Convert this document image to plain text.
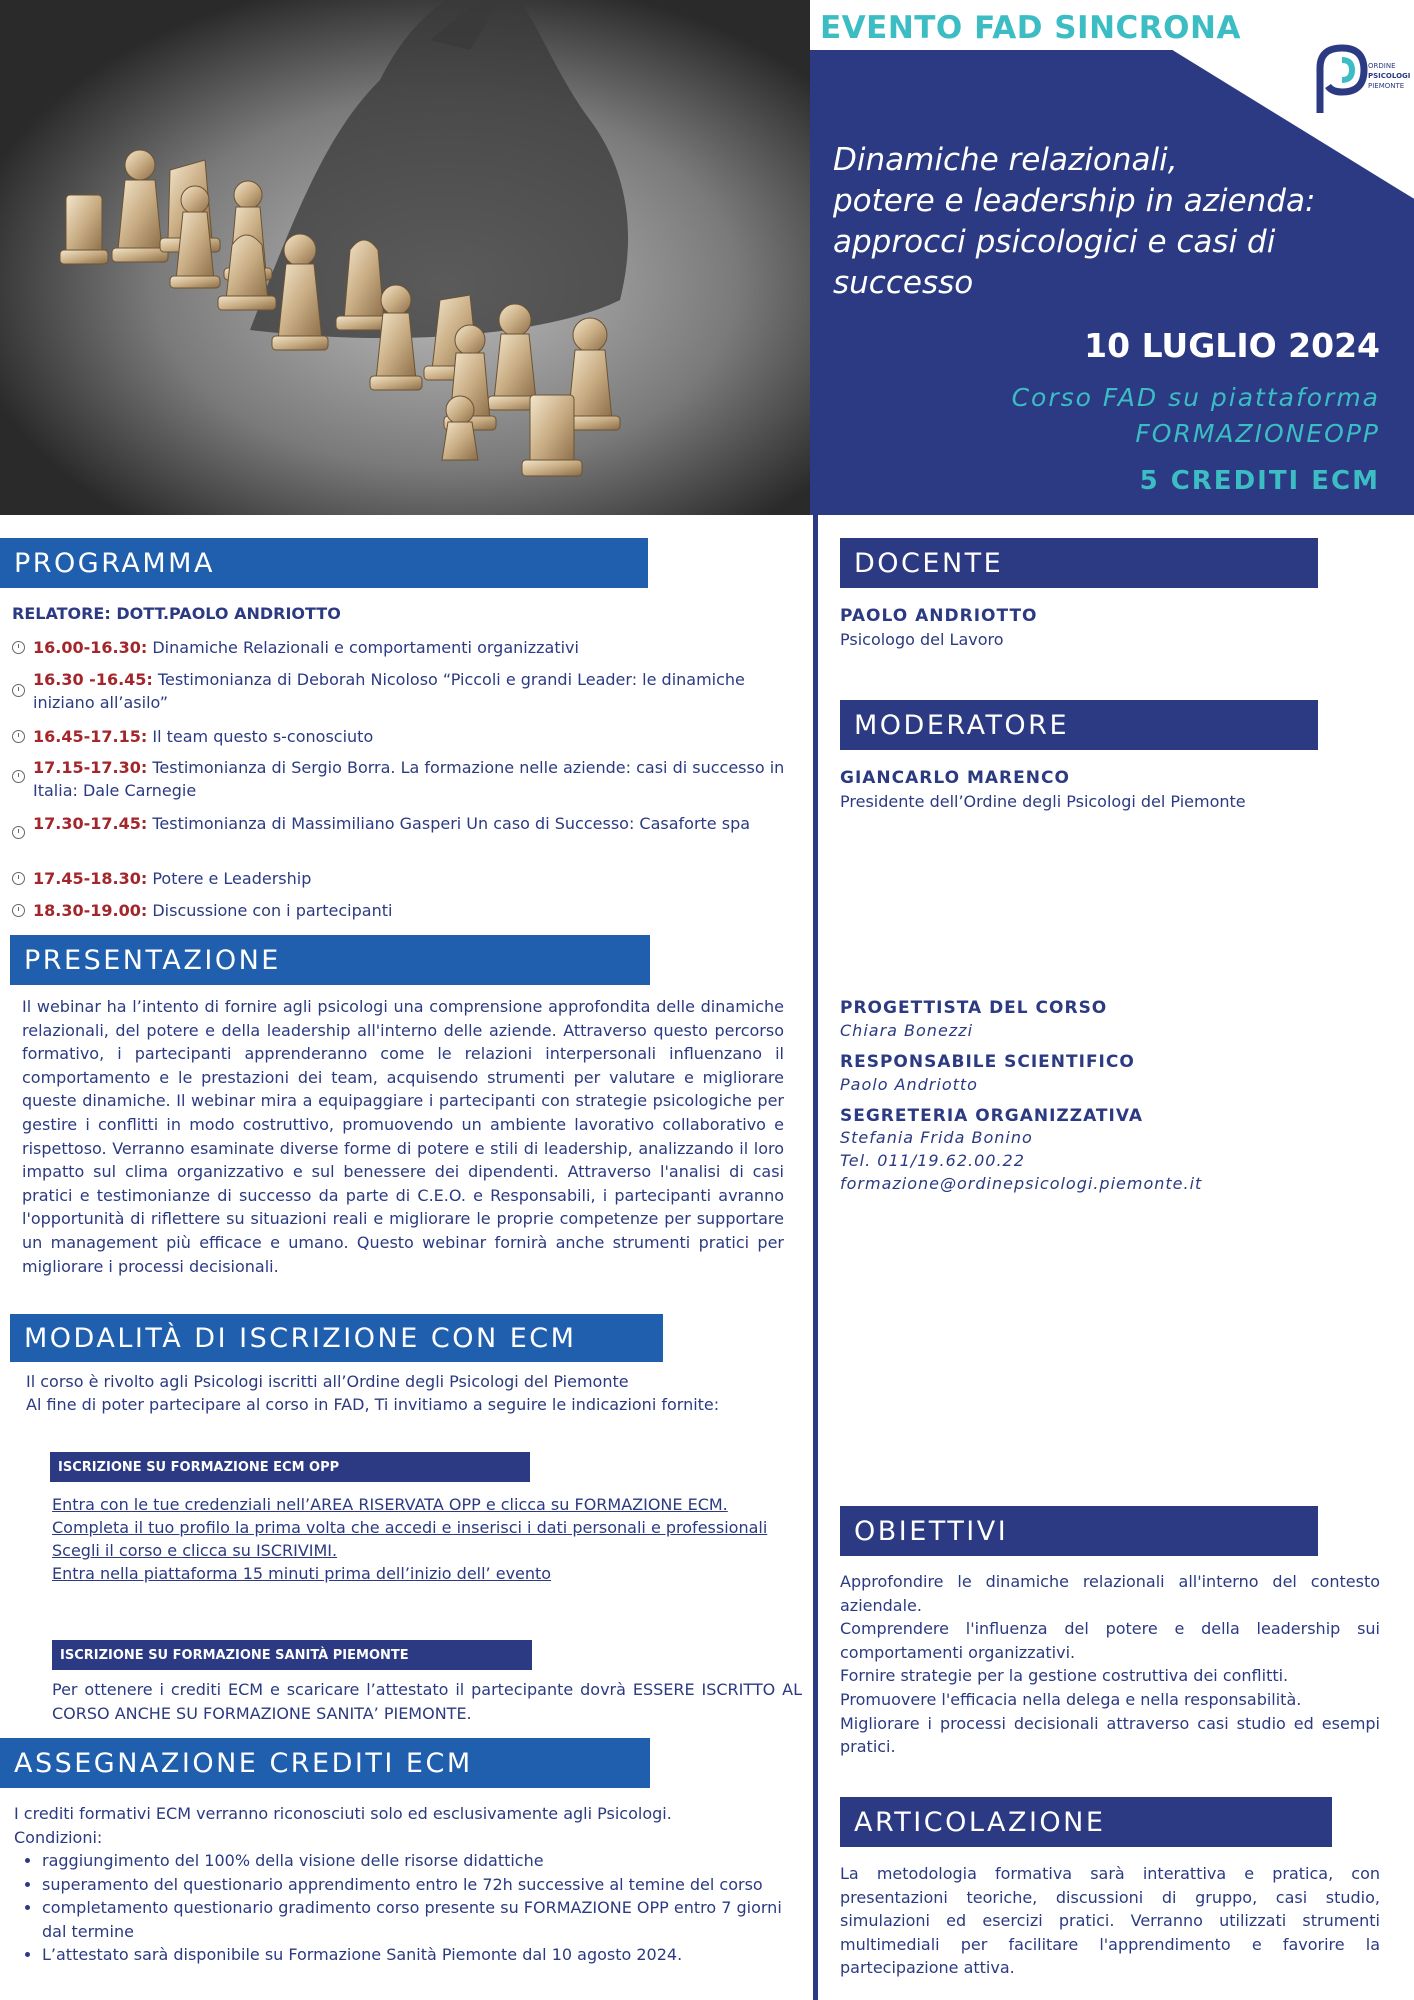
EVENTO FAD SINCRONA
ORDINE
PSICOLOGI
PIEMONTE
Dinamiche relazionali,
potere e leadership in azienda:
approcci psicologici e casi di
successo
10 LUGLIO 2024
Corso FAD su piattaforma
FORMAZIONEOPP
5 CREDITI ECM
PROGRAMMA
RELATORE: DOTT.PAOLO ANDRIOTTO
16.00-16.30: Dinamiche Relazionali e comportamenti organizzativi
16.30 -16.45: Testimonianza di Deborah Nicoloso “Piccoli e grandi Leader: le dinamiche iniziano all’asilo”
16.45-17.15: Il team questo s-conosciuto
17.15-17.30: Testimonianza di Sergio Borra. La formazione nelle aziende: casi di successo in Italia: Dale Carnegie
17.30-17.45: Testimonianza di Massimiliano Gasperi Un caso di Successo: Casaforte spa
17.45-18.30: Potere e Leadership
18.30-19.00: Discussione con i partecipanti
PRESENTAZIONE
Il webinar ha l’intento di fornire agli psicologi una comprensione approfondita delle dinamiche relazionali, del potere e della leadership all'interno delle aziende. Attraverso questo percorso formativo, i partecipanti apprenderanno come le relazioni interpersonali influenzano il comportamento e le prestazioni dei team, acquisendo strumenti per valutare e migliorare queste dinamiche. Il webinar mira a equipaggiare i partecipanti con strategie psicologiche per gestire i conflitti in modo costruttivo, promuovendo un ambiente lavorativo collaborativo e rispettoso. Verranno esaminate diverse forme di potere e stili di leadership, analizzando il loro impatto sul clima organizzativo e sul benessere dei dipendenti. Attraverso l'analisi di casi pratici e testimonianze di successo da parte di C.E.O. e Responsabili, i partecipanti avranno l'opportunità di riflettere su situazioni reali e migliorare le proprie competenze per supportare un management più efficace e umano. Questo webinar fornirà anche strumenti pratici per migliorare i processi decisionali.
MODALITÀ DI ISCRIZIONE CON ECM
Il corso è rivolto agli Psicologi iscritti all’Ordine degli Psicologi del Piemonte
Al fine di poter partecipare al corso in FAD, Ti invitiamo a seguire le indicazioni fornite:
ISCRIZIONE SU FORMAZIONE ECM OPP
Entra con le tue credenziali nell’AREA RISERVATA OPP e clicca su FORMAZIONE ECM.
Completa il tuo profilo la prima volta che accedi e inserisci i dati personali e professionali
Scegli il corso e clicca su ISCRIVIMI.
Entra nella piattaforma 15 minuti prima dell’inizio dell’ evento
ISCRIZIONE SU FORMAZIONE SANITÀ PIEMONTE
Per ottenere i crediti ECM e scaricare l’attestato il partecipante dovrà ESSERE ISCRITTO AL CORSO ANCHE SU FORMAZIONE SANITA’ PIEMONTE.
ASSEGNAZIONE CREDITI ECM
I crediti formativi ECM verranno riconosciuti solo ed esclusivamente agli Psicologi.
Condizioni:
• raggiungimento del 100% della visione delle risorse didattiche
• superamento del questionario apprendimento entro le 72h successive al temine del corso
• completamento questionario gradimento corso presente su FORMAZIONE OPP entro 7 giorni dal termine
• L’attestato sarà disponibile su Formazione Sanità Piemonte dal 10 agosto 2024.
DOCENTE
PAOLO ANDRIOTTO
Psicologo del Lavoro
MODERATORE
GIANCARLO MARENCO
Presidente dell’Ordine degli Psicologi del Piemonte
PROGETTISTA DEL CORSO
Chiara Bonezzi
RESPONSABILE SCIENTIFICO
Paolo Andriotto
SEGRETERIA ORGANIZZATIVA
Stefania Frida Bonino
Tel. 011/19.62.00.22
formazione@ordinepsicologi.piemonte.it
OBIETTIVI
Approfondire le dinamiche relazionali all'interno del contesto aziendale.
Comprendere l'influenza del potere e della leadership sui comportamenti organizzativi.
Fornire strategie per la gestione costruttiva dei conflitti.
Promuovere l'efficacia nella delega e nella responsabilità.
Migliorare i processi decisionali attraverso casi studio ed esempi pratici.
ARTICOLAZIONE
La metodologia formativa sarà interattiva e pratica, con presentazioni teoriche, discussioni di gruppo, casi studio, simulazioni ed esercizi pratici. Verranno utilizzati strumenti multimediali per facilitare l'apprendimento e favorire la partecipazione attiva.
